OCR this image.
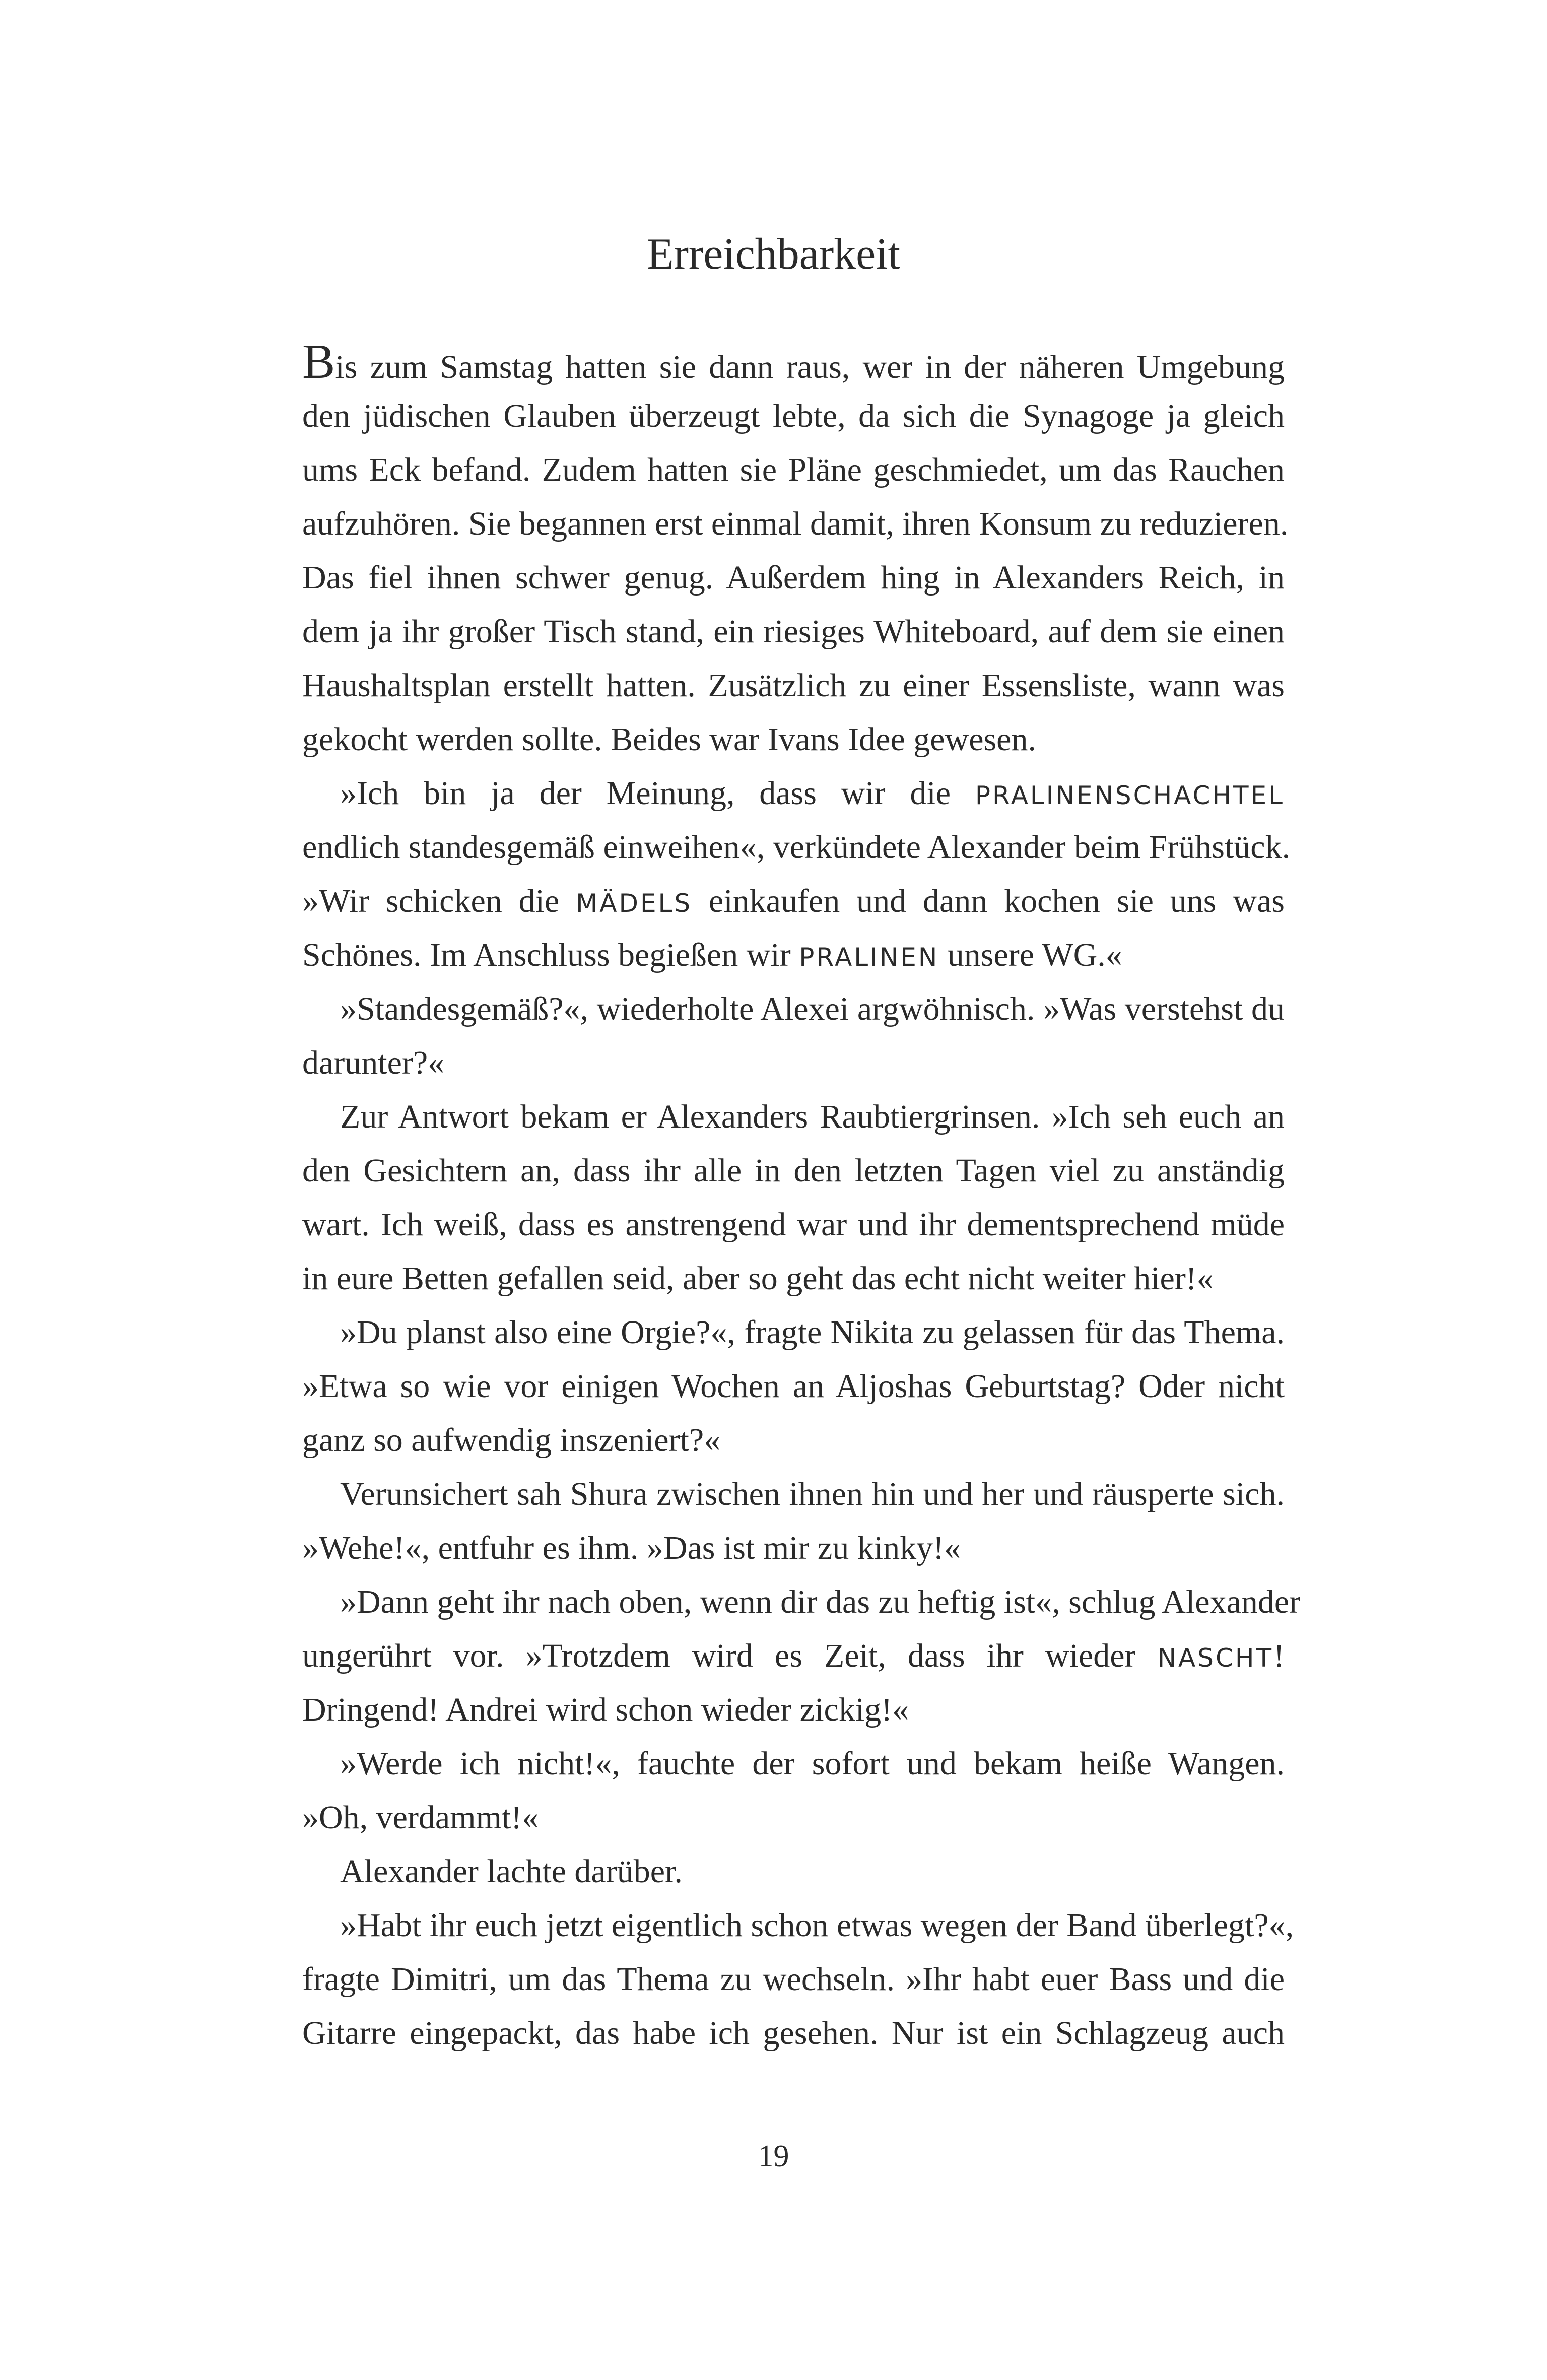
Erreichbarkeit
Bis zum Samstag hatten sie dann raus, wer in der näheren Umgebung
den jüdischen Glauben überzeugt lebte, da sich die Synagoge ja gleich
ums Eck befand. Zudem hatten sie Pläne geschmiedet, um das Rauchen
aufzuhören. Sie begannen erst einmal damit, ihren Konsum zu reduzieren.
Das fiel ihnen schwer genug. Außerdem hing in Alexanders Reich, in
dem ja ihr großer Tisch stand, ein riesiges Whiteboard, auf dem sie einen
Haushaltsplan erstellt hatten. Zusätzlich zu einer Essensliste, wann was
gekocht werden sollte. Beides war Ivans Idee gewesen.
»Ich bin ja der Meinung, dass wir die PRALINENSCHACHTEL
endlich standesgemäß einweihen«, verkündete Alexander beim Frühstück.
»Wir schicken die MÄDELS einkaufen und dann kochen sie uns was
Schönes. Im Anschluss begießen wir PRALINEN unsere WG.«
»Standesgemäß?«, wiederholte Alexei argwöhnisch. »Was verstehst du
darunter?«
Zur Antwort bekam er Alexanders Raubtiergrinsen. »Ich seh euch an
den Gesichtern an, dass ihr alle in den letzten Tagen viel zu anständig
wart. Ich weiß, dass es anstrengend war und ihr dementsprechend müde
in eure Betten gefallen seid, aber so geht das echt nicht weiter hier!«
»Du planst also eine Orgie?«, fragte Nikita zu gelassen für das Thema.
»Etwa so wie vor einigen Wochen an Aljoshas Geburtstag? Oder nicht
ganz so aufwendig inszeniert?«
Verunsichert sah Shura zwischen ihnen hin und her und räusperte sich.
»Wehe!«, entfuhr es ihm. »Das ist mir zu kinky!«
»Dann geht ihr nach oben, wenn dir das zu heftig ist«, schlug Alexander
ungerührt vor. »Trotzdem wird es Zeit, dass ihr wieder NASCHT!
Dringend! Andrei wird schon wieder zickig!«
»Werde ich nicht!«, fauchte der sofort und bekam heiße Wangen.
»Oh, verdammt!«
Alexander lachte darüber.
»Habt ihr euch jetzt eigentlich schon etwas wegen der Band überlegt?«,
fragte Dimitri, um das Thema zu wechseln. »Ihr habt euer Bass und die
Gitarre eingepackt, das habe ich gesehen. Nur ist ein Schlagzeug auch
19
